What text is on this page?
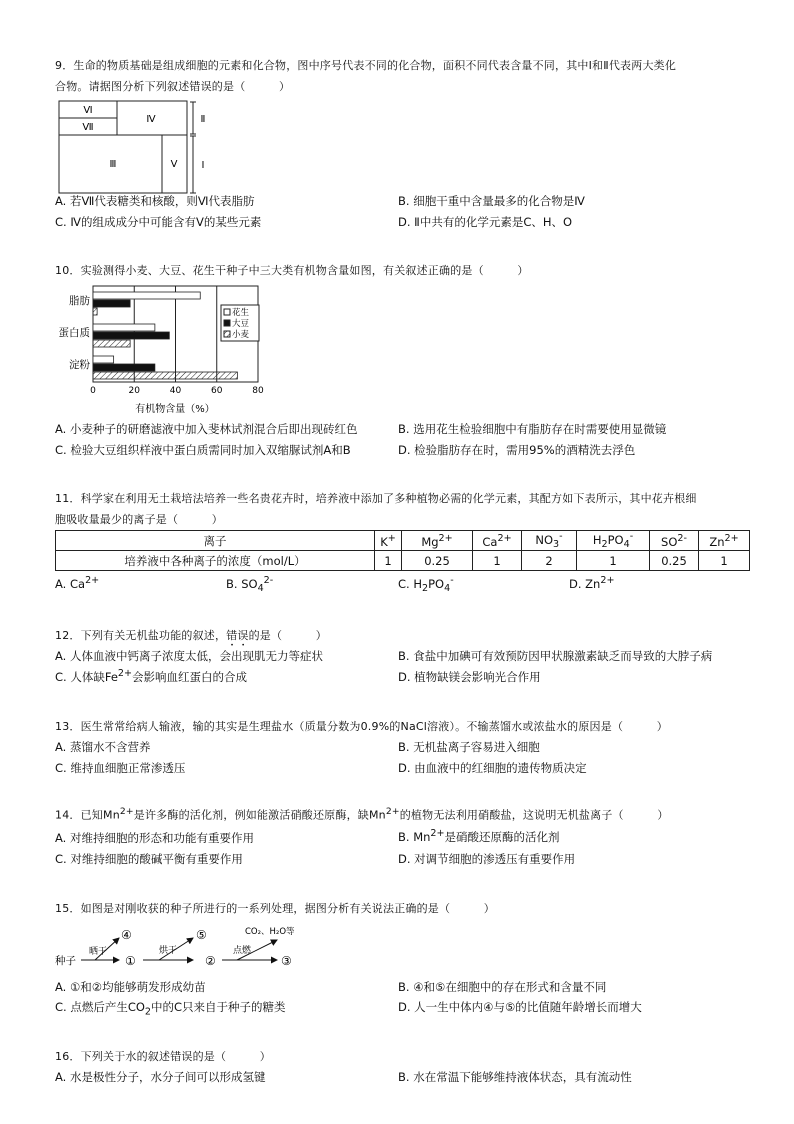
9．生命的物质基础是组成细胞的元素和化合物，图中序号代表不同的化合物，面积不同代表含量不同，其中Ⅰ和Ⅱ代表两大类化
合物。请据图分析下列叙述错误的是（　　　）
Ⅵ
Ⅶ
Ⅳ
Ⅲ	Ⅴ
Ⅱ
Ⅰ
A. 若Ⅶ代表糖类和核酸，则Ⅵ代表脂肪	B. 细胞干重中含量最多的化合物是Ⅳ
C. Ⅳ的组成成分中可能含有Ⅴ的某些元素	D. Ⅱ中共有的化学元素是C、H、O
10．实验测得小麦、大豆、花生干种子中三大类有机物含量如图，有关叙述正确的是（　　　）
0	20	40	60	80
脂肪
蛋白质
淀粉
花生
大豆
小麦
有机物含量（%）
A. 小麦种子的研磨滤液中加入斐林试剂混合后即出现砖红色	B. 选用花生检验细胞中有脂肪存在时需要使用显微镜
C. 检验大豆组织样液中蛋白质需同时加入双缩脲试剂A和B	D. 检验脂肪存在时，需用95%的酒精洗去浮色
11．科学家在利用无土栽培法培养一些名贵花卉时，培养液中添加了多种植物必需的化学元素，其配方如下表所示，其中花卉根细
胞吸收量最少的离子是（　　　）
离子	K+	$Mg^{2+}$	$Ca^{2+}$	$NO_3^-$	$H_2PO_4^-$	$SO^{2-}$	$Zn^{2+}$
培养液中各种离子的浓度（mol/L）	1	0.25	1	2	1	0.25	1
A. $Ca^{2+}$	B. $SO_4^{2-}$	C. $H_2PO_4^-$	D. $Zn^{2+}$
12．下列有关无机盐功能的叙述，错误的是（　　　）
A. 人体血液中钙离子浓度太低，会出现肌无力等症状	B. 食盐中加碘可有效预防因甲状腺激素缺乏而导致的大脖子病
C. 人体缺$Fe^{2+}$会影响血红蛋白的合成	D. 植物缺镁会影响光合作用
13．医生常常给病人输液，输的其实是生理盐水（质量分数为0.9%的NaCl溶液）。不输蒸馏水或浓盐水的原因是（　　　）
A. 蒸馏水不含营养	B. 无机盐离子容易进入细胞
C. 维持血细胞正常渗透压	D. 由血液中的红细胞的遗传物质决定
14．已知$Mn^{2+}$是许多酶的活化剂，例如能激活硝酸还原酶，缺$Mn^{2+}$的植物无法利用硝酸盐，这说明无机盐离子（　　　）
A. 对维持细胞的形态和功能有重要作用	B. $Mn^{2+}$是硝酸还原酶的活化剂
C. 对维持细胞的酸碱平衡有重要作用	D. 对调节细胞的渗透压有重要作用
15．如图是对刚收获的种子所进行的一系列处理，据图分析有关说法正确的是（　　　）
种子
晒干
④
①
烘干
⑤
②
点燃
CO₂、H₂O等
③
A. ①和②均能够萌发形成幼苗	B. ④和⑤在细胞中的存在形式和含量不同
C. 点燃后产生$CO_2$中的C只来自于种子的糖类	D. 人一生中体内④与⑤的比值随年龄增长而增大
16．下列关于水的叙述错误的是（　　　）
A. 水是极性分子，水分子间可以形成氢键	B. 水在常温下能够维持液体状态，具有流动性
